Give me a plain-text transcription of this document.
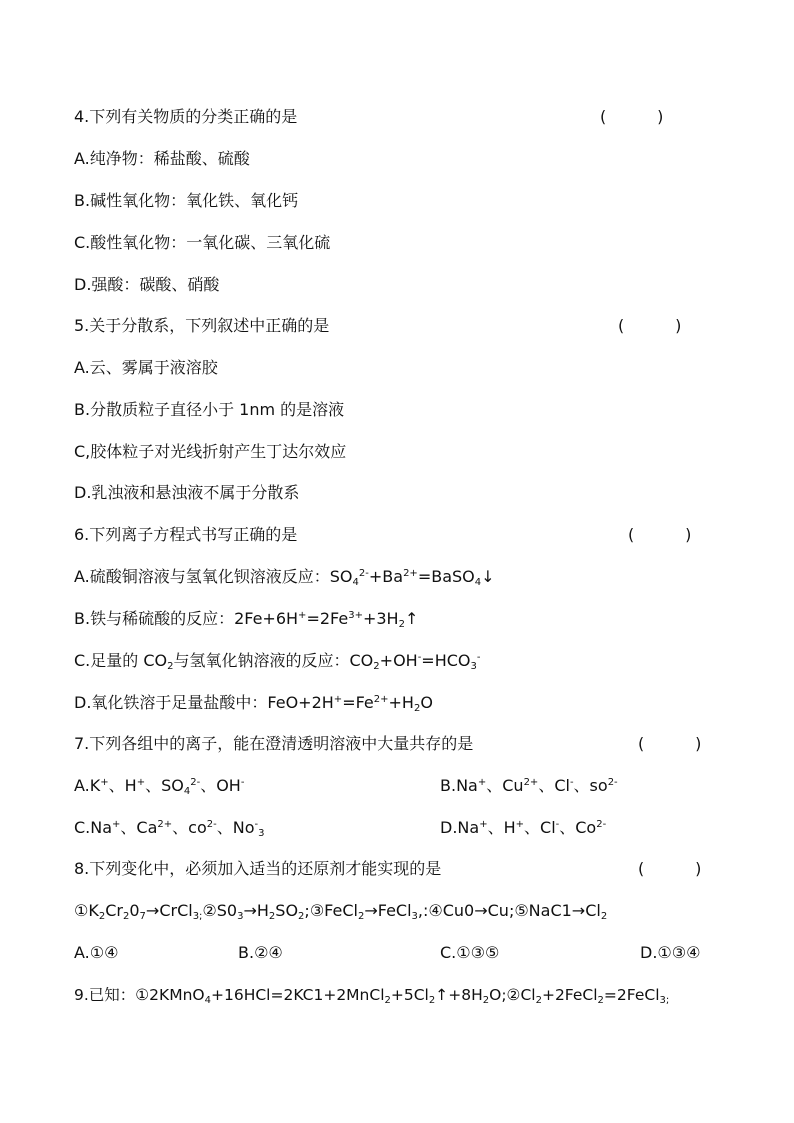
4.下列有关物质的分类正确的是	(          )
A.纯净物：稀盐酸、硫酸
B.碱性氧化物：氧化铁、氧化钙
C.酸性氧化物：一氧化碳、三氧化硫
D.强酸：碳酸、硝酸
5.关于分散系，下列叙述中正确的是	(          )
A.云、雾属于液溶胶
B.分散质粒子直径小于 1nm 的是溶液
C,胶体粒子对光线折射产生丁达尔效应
D.乳浊液和悬浊液不属于分散系
6.下列离子方程式书写正确的是	(          )
A.硫酸铜溶液与氢氧化钡溶液反应：$SO_4^{2-}+Ba^{2+}=BaSO_4↓$
B.铁与稀硫酸的反应：$2Fe+6H^+=2Fe^{3+}+3H_2↑$
C.足量的 $CO_2$与氢氧化钠溶液的反应：$CO_2+OH^-=HCO_3^-$
D.氧化铁溶于足量盐酸中：$FeO+2H^+=Fe^{2+}+H_2O$
7.下列各组中的离子，能在澄清透明溶液中大量共存的是	(          )
A.K+、H+、$SO_4^{2-}$、OH-	B.Na+、$Cu^{2+}$、Cl-、$so^{2-}$
C.Na+、$Ca^{2+}$、$co^{2-}$、$No^-_3$	D.Na+、H+、Cl-、$Co^{2-}$
8.下列变化中，必须加入适当的还原剂才能实现的是	(          )
$①K_2Cr_20_7\to CrCl_{3;}②S0_3\to H_2SO_2;③FeCl_2\to FeCl_3,:④Cu0\to Cu;⑤NaC1\to Cl_2$
A.①④	B.②④	C.①③⑤	D.①③④
9.已知：$①2KMnO_4+16HCl=2KC1+2MnCl_2+5Cl_2↑+8H_2O;②Cl_2+2FeCl_2=2FeCl_{3;}$
